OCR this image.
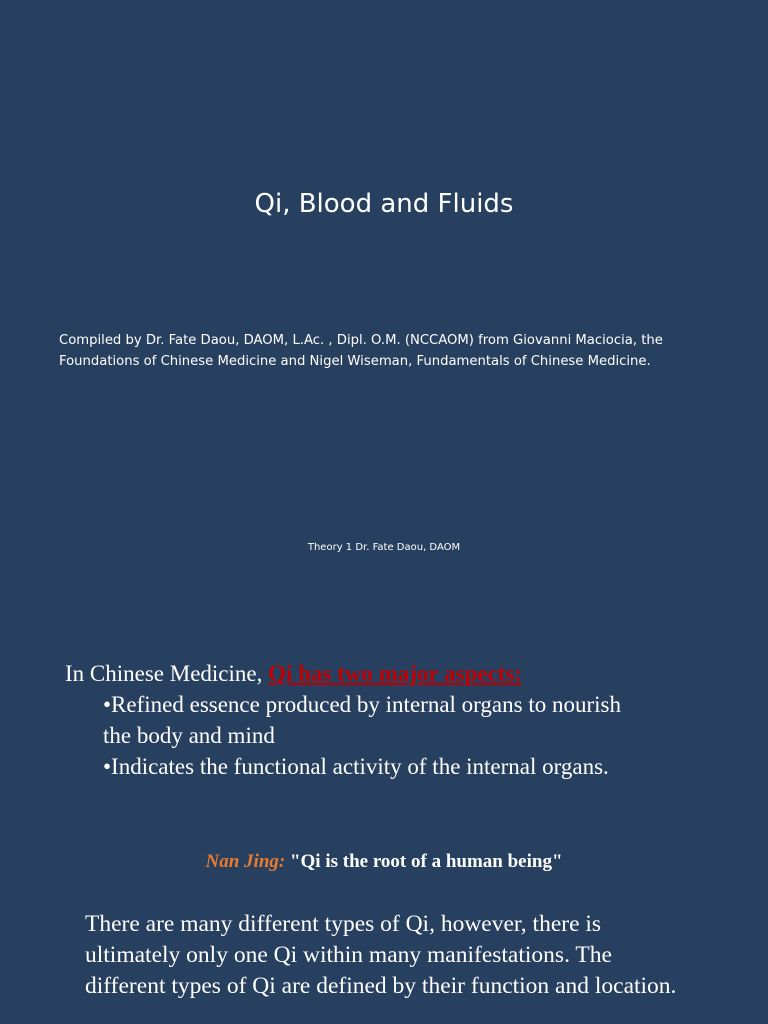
Qi, Blood and Fluids
Compiled by Dr. Fate Daou, DAOM, L.Ac. , Dipl. O.M. (NCCAOM) from Giovanni Maciocia, the
Foundations of Chinese Medicine and Nigel Wiseman, Fundamentals of Chinese Medicine.
Theory 1 Dr. Fate Daou, DAOM
In Chinese Medicine, Qi has two major aspects:
•Refined essence produced by internal organs to nourish the body and mind
•Indicates the functional activity of the internal organs.
Nan Jing: "Qi is the root of a human being"

There are many different types of Qi, however, there is ultimately only one Qi within many manifestations. The different types of Qi are defined by their function and location.
